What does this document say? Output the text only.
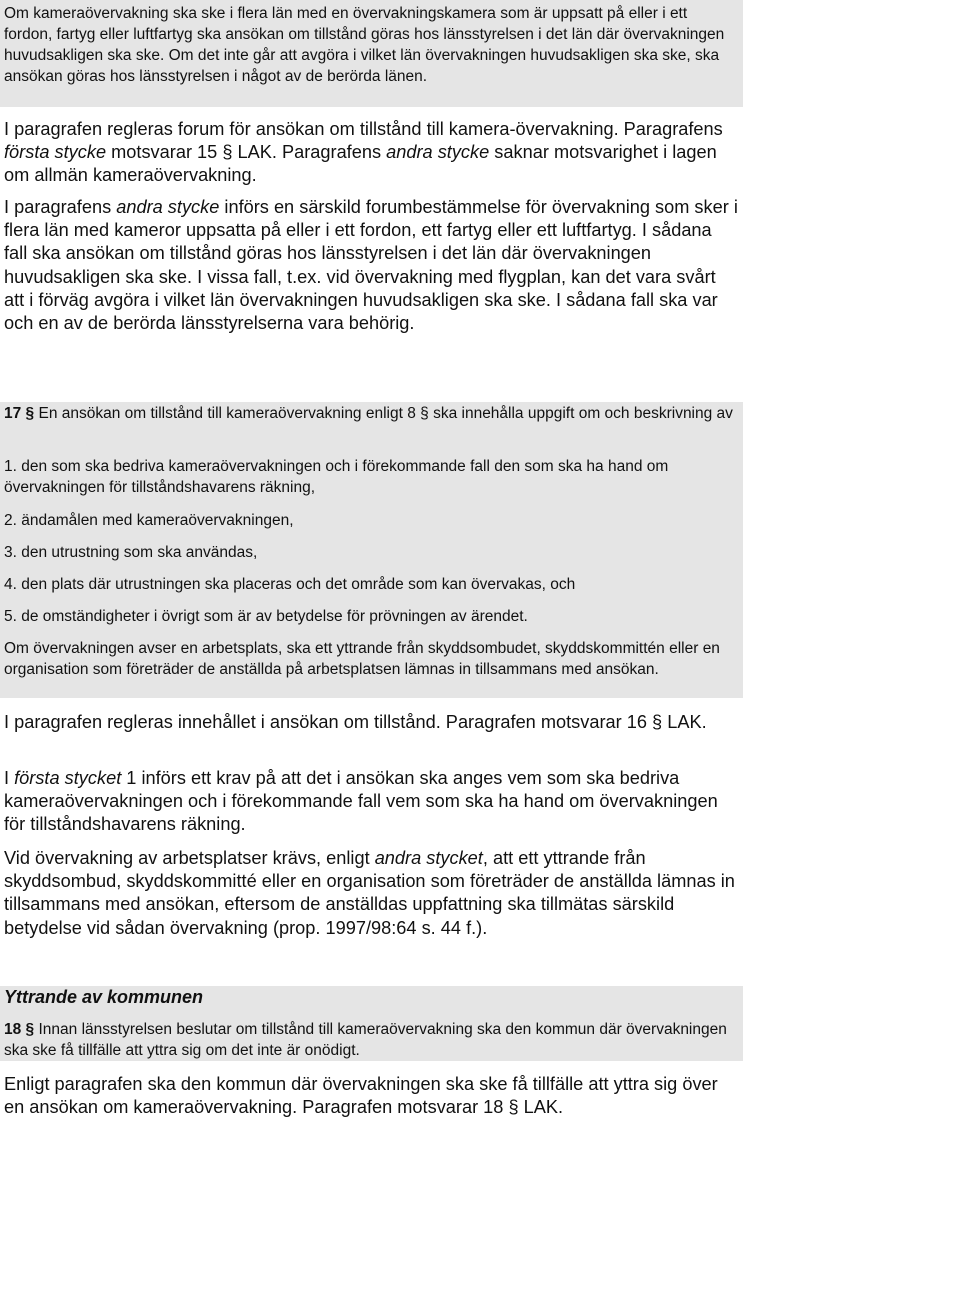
Om kameraövervakning ska ske i flera län med en övervakningskamera som är uppsatt på eller i ett fordon, fartyg eller luftfartyg ska ansökan om tillstånd göras hos länsstyrelsen i det län där övervakningen huvudsakligen ska ske. Om det inte går att avgöra i vilket län övervakningen huvudsakligen ska ske, ska ansökan göras hos länsstyrelsen i något av de berörda länen.

I paragrafen regleras forum för ansökan om tillstånd till kamera-övervakning. Paragrafens första stycke motsvarar 15 § LAK. Paragrafens andra stycke saknar motsvarighet i lagen om allmän kameraövervakning.

I paragrafens andra stycke införs en särskild forumbestämmelse för övervakning som sker i flera län med kameror uppsatta på eller i ett fordon, ett fartyg eller ett luftfartyg. I sådana fall ska ansökan om tillstånd göras hos länsstyrelsen i det län där övervakningen huvudsakligen ska ske. I vissa fall, t.ex. vid övervakning med flygplan, kan det vara svårt att i förväg avgöra i vilket län övervakningen huvudsakligen ska ske. I sådana fall ska var och en av de berörda länsstyrelserna vara behörig.

17 § En ansökan om tillstånd till kameraövervakning enligt 8 § ska innehålla uppgift om och beskrivning av

1. den som ska bedriva kameraövervakningen och i förekommande fall den som ska ha hand om övervakningen för tillståndshavarens räkning,

2. ändamålen med kameraövervakningen,

3. den utrustning som ska användas,

4. den plats där utrustningen ska placeras och det område som kan övervakas, och

5. de omständigheter i övrigt som är av betydelse för prövningen av ärendet.

Om övervakningen avser en arbetsplats, ska ett yttrande från skyddsombudet, skyddskommittén eller en organisation som företräder de anställda på arbetsplatsen lämnas in tillsammans med ansökan.

I paragrafen regleras innehållet i ansökan om tillstånd. Paragrafen motsvarar 16 § LAK.

I första stycket 1 införs ett krav på att det i ansökan ska anges vem som ska bedriva kameraövervakningen och i förekommande fall vem som ska ha hand om övervakningen för tillståndshavarens räkning.

Vid övervakning av arbetsplatser krävs, enligt andra stycket, att ett yttrande från skyddsombud, skyddskommitté eller en organisation som företräder de anställda lämnas in tillsammans med ansökan, eftersom de anställdas uppfattning ska tillmätas särskild betydelse vid sådan övervakning (prop. 1997/98:64 s. 44 f.).

Yttrande av kommunen

18 § Innan länsstyrelsen beslutar om tillstånd till kameraövervakning ska den kommun där övervakningen ska ske få tillfälle att yttra sig om det inte är onödigt.

Enligt paragrafen ska den kommun där övervakningen ska ske få tillfälle att yttra sig över en ansökan om kameraövervakning. Paragrafen motsvarar 18 § LAK.
